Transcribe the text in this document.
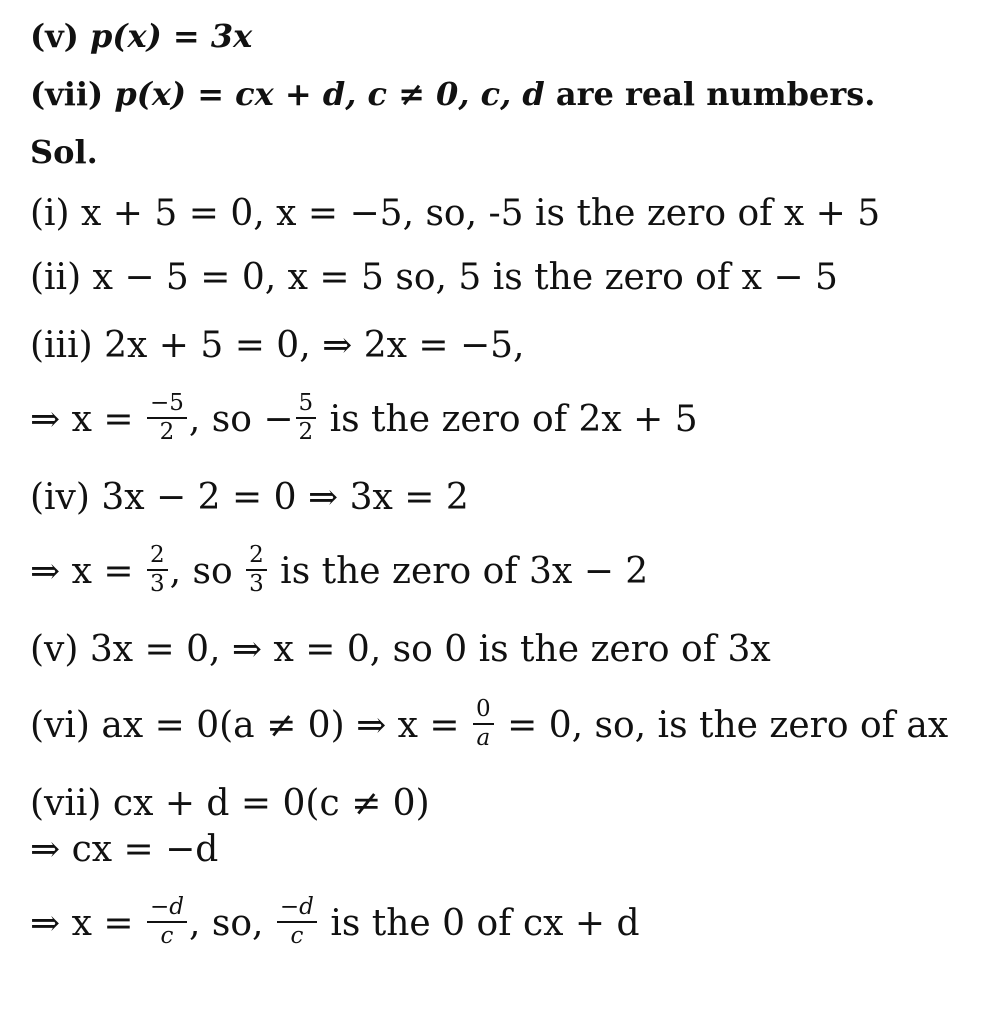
(v) p(x) = 3x
(vii) p(x) = cx + d, c ≠ 0, c, d are real numbers.
Sol.
(i) x + 5 = 0, x = −5, so, -5 is the zero of x + 5
(ii) x − 5 = 0, x = 5 so, 5 is the zero of x − 5
(iii) 2x + 5 = 0, ⇒ 2x = −5,
⇒ $x = \frac{-5}{2}$ , so − $\frac{5}{2}$ is the zero of 2x + 5
(iv) 3x − 2 = 0 ⇒ 3x = 2
⇒ $x = \frac{2}{3}$ , so $\frac{2}{3}$ is the zero of 3x − 2
(v) 3x = 0, ⇒ x = 0, so 0 is the zero of 3x
(vi) ax = 0(a ≠ 0) ⇒ $x = \frac{0}{a} = 0$, so, is the zero of ax
(vii) cx + d = 0(c ≠ 0)
⇒ cx = −d
⇒ $x = \frac{-d}{c}$ , so, $\frac{-d}{c}$ is the 0 of cx + d
